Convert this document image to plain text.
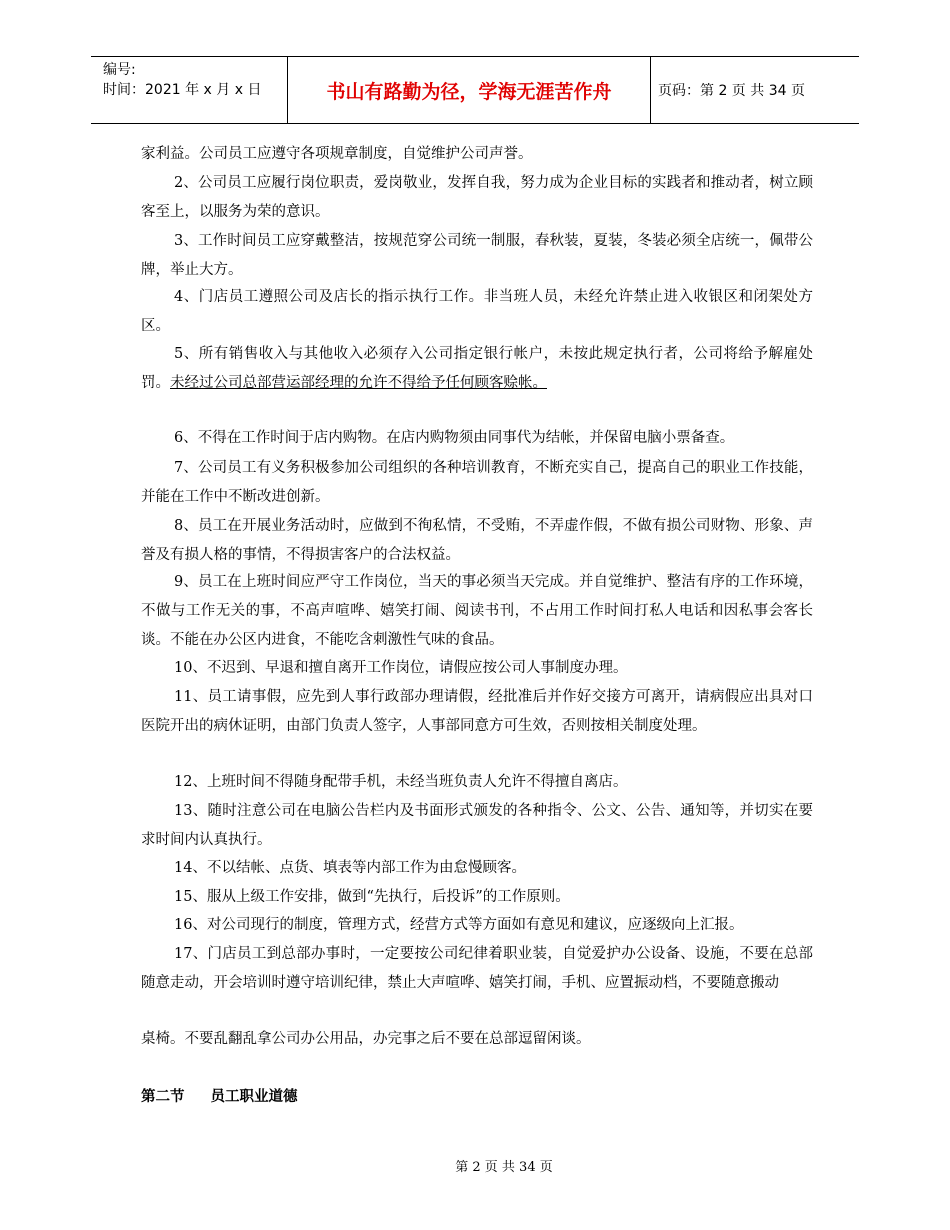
编号:
时间：2021 年 x 月 x 日	书山有路勤为径，学海无涯苦作舟	页码：第 2 页 共 34 页
家利益。公司员工应遵守各项规章制度，自觉维护公司声誉。
2、公司员工应履行岗位职责，爱岗敬业，发挥自我，努力成为企业目标的实践者和推动者，树立顾客至上，以服务为荣的意识。
3、工作时间员工应穿戴整洁，按规范穿公司统一制服，春秋装，夏装，冬装必须全店统一，佩带公牌，举止大方。
4、门店员工遵照公司及店长的指示执行工作。非当班人员，未经允许禁止进入收银区和闭架处方区。
5、所有销售收入与其他收入必须存入公司指定银行帐户，未按此规定执行者，公司将给予解雇处罚。未经过公司总部营运部经理的允许不得给予任何顾客赊帐。
6、不得在工作时间于店内购物。在店内购物须由同事代为结帐，并保留电脑小票备查。
7、公司员工有义务积极参加公司组织的各种培训教育，不断充实自己，提高自己的职业工作技能，并能在工作中不断改进创新。
8、员工在开展业务活动时，应做到不徇私情，不受贿，不弄虚作假，不做有损公司财物、形象、声誉及有损人格的事情，不得损害客户的合法权益。
9、员工在上班时间应严守工作岗位，当天的事必须当天完成。并自觉维护、整洁有序的工作环境，不做与工作无关的事，不高声喧哗、嬉笑打闹、阅读书刊，不占用工作时间打私人电话和因私事会客长谈。不能在办公区内进食，不能吃含刺激性气味的食品。
10、不迟到、早退和擅自离开工作岗位，请假应按公司人事制度办理。
11、员工请事假，应先到人事行政部办理请假，经批准后并作好交接方可离开，请病假应出具对口医院开出的病休证明，由部门负责人签字，人事部同意方可生效，否则按相关制度处理。
12、上班时间不得随身配带手机，未经当班负责人允许不得擅自离店。
13、随时注意公司在电脑公告栏内及书面形式颁发的各种指令、公文、公告、通知等，并切实在要求时间内认真执行。
14、不以结帐、点货、填表等内部工作为由怠慢顾客。
15、服从上级工作安排，做到“先执行，后投诉”的工作原则。
16、对公司现行的制度，管理方式，经营方式等方面如有意见和建议，应逐级向上汇报。
17、门店员工到总部办事时，一定要按公司纪律着职业装，自觉爱护办公设备、设施，不要在总部随意走动，开会培训时遵守培训纪律，禁止大声喧哗、嬉笑打闹，手机、应置振动档，不要随意搬动
桌椅。不要乱翻乱拿公司办公用品，办完事之后不要在总部逗留闲谈。
第二节 员工职业道德
第 2 页 共 34 页
